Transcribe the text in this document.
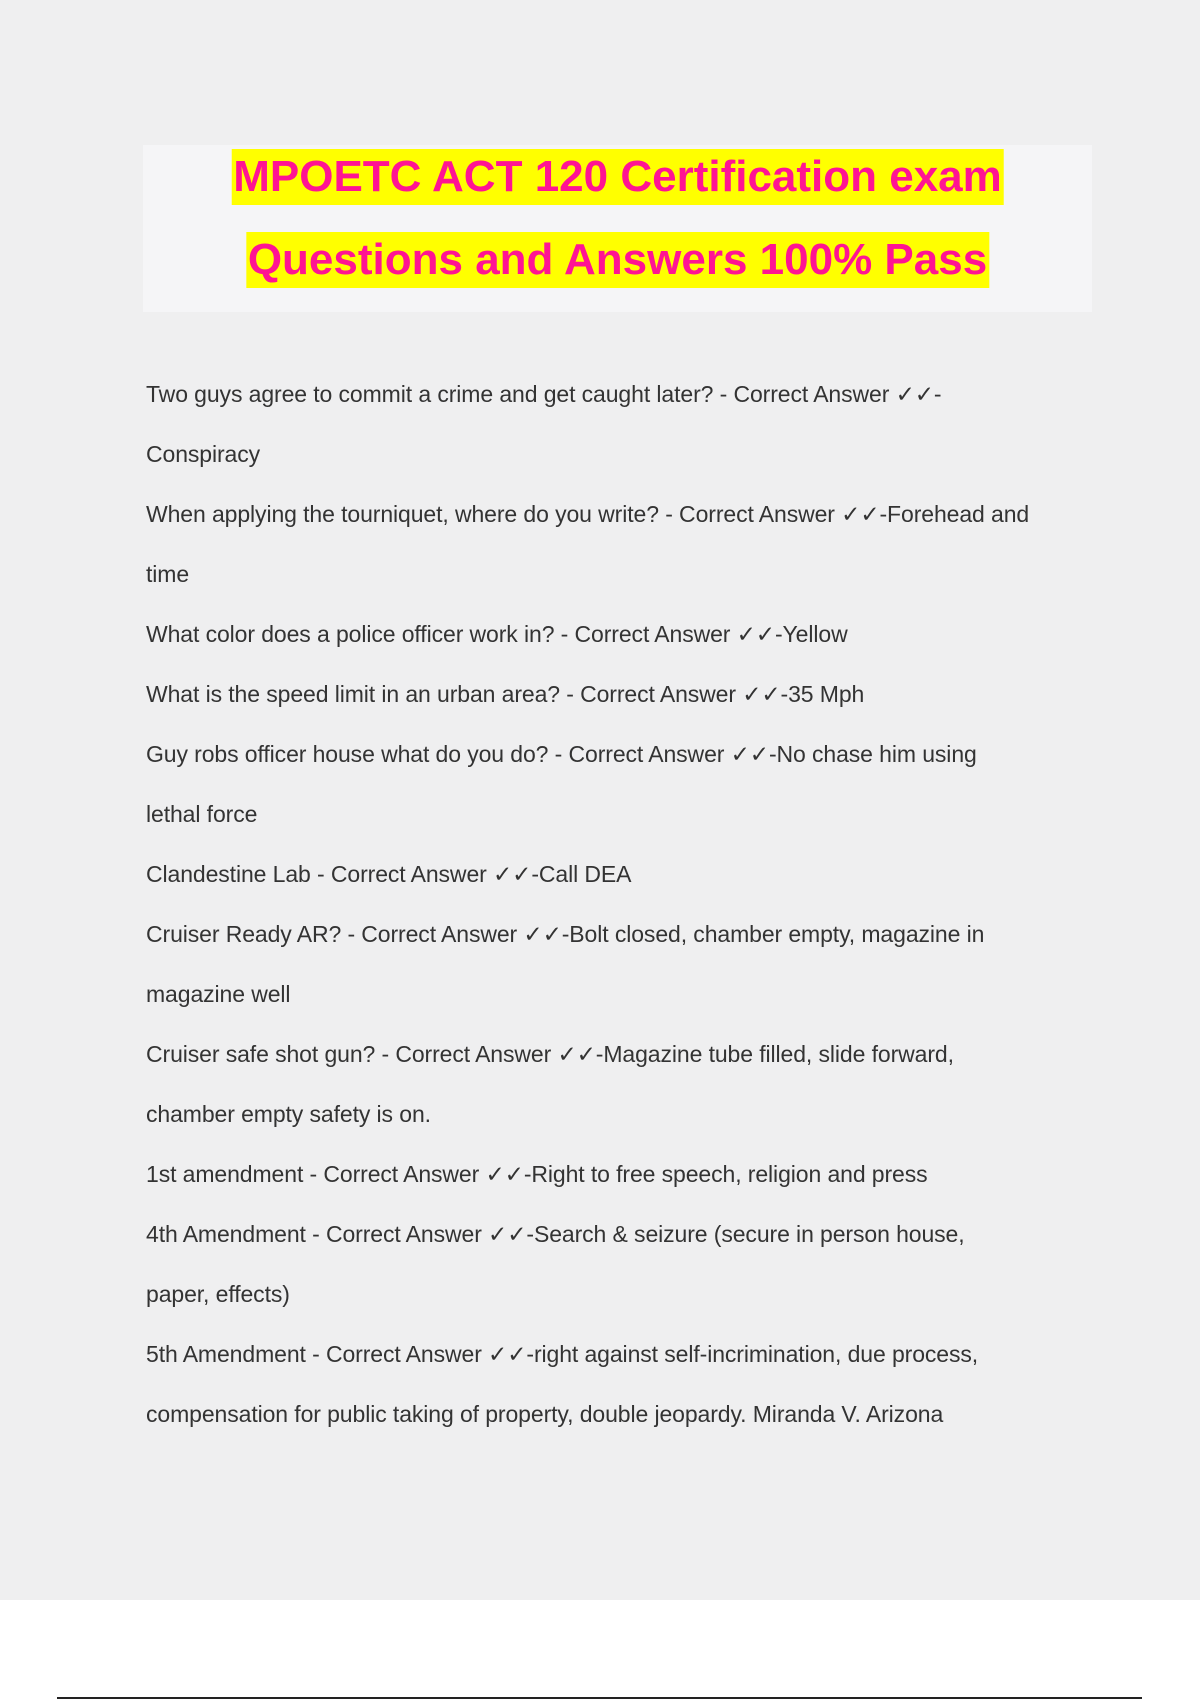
MPOETC ACT 120 Certification exam
Questions and Answers 100% Pass
Two guys agree to commit a crime and get caught later? - Correct Answer ✓✓-
Conspiracy
When applying the tourniquet, where do you write? - Correct Answer ✓✓-Forehead and
time
What color does a police officer work in? - Correct Answer ✓✓-Yellow
What is the speed limit in an urban area? - Correct Answer ✓✓-35 Mph
Guy robs officer house what do you do? - Correct Answer ✓✓-No chase him using
lethal force
Clandestine Lab - Correct Answer ✓✓-Call DEA
Cruiser Ready AR? - Correct Answer ✓✓-Bolt closed, chamber empty, magazine in
magazine well
Cruiser safe shot gun? - Correct Answer ✓✓-Magazine tube filled, slide forward,
chamber empty safety is on.
1st amendment - Correct Answer ✓✓-Right to free speech, religion and press
4th Amendment - Correct Answer ✓✓-Search & seizure (secure in person house,
paper, effects)
5th Amendment - Correct Answer ✓✓-right against self-incrimination, due process,
compensation for public taking of property, double jeopardy. Miranda V. Arizona
